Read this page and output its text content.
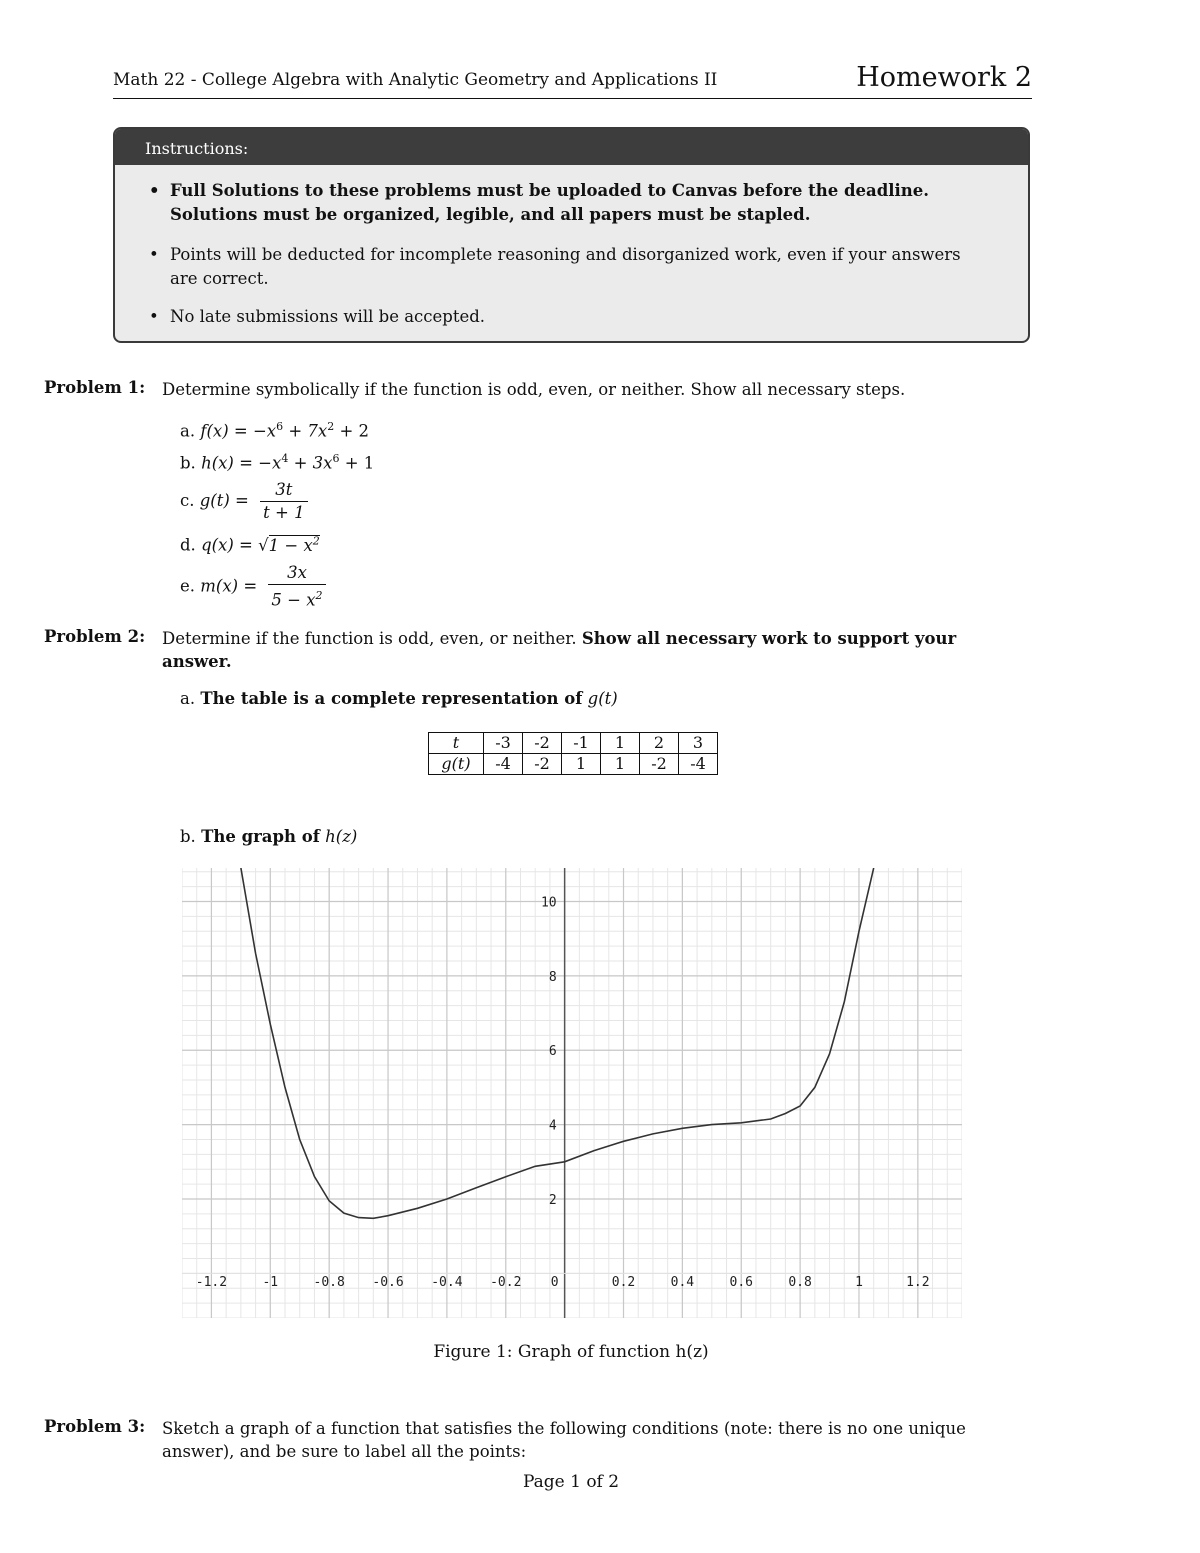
Math 22 - College Algebra with Analytic Geometry and Applications II	Homework 2
Instructions:
• Full Solutions to these problems must be uploaded to Canvas before the deadline.
Solutions must be organized, legible, and all papers must be stapled.
• Points will be deducted for incomplete reasoning and disorganized work, even if your answers
are correct.
• No late submissions will be accepted.
Problem 1: Determine symbolically if the function is odd, even, or neither. Show all necessary steps.
a. $f(x) = -x^6 + 7x^2 + 2$
b. $h(x) = -x^4 + 3x^6 + 1$
c. $g(t) = \frac{3t}{t + 1}$
d. $q(x) = √1 - x^2$
e. $m(x) = \frac{3x}{5 - x^2}$
Problem 2: Determine if the function is odd, even, or neither. Show all necessary work to support your
answer.
a. The table is a complete representation of g(t)
t	-3	-2	-1	1	2	3
g(t)	-4	-2	1	1	-2	-4
b. The graph of h(z)
-1.2	-1	-0.8 -0.6 -0.4 -0.2 0	0.2	0.4	0.6	0.8	1	1.2
2
4
6
8
10
Figure 1: Graph of function h(z)
Problem 3: Sketch a graph of a function that satisfies the following conditions (note: there is no one unique
answer), and be sure to label all the points:
Page 1 of 2
